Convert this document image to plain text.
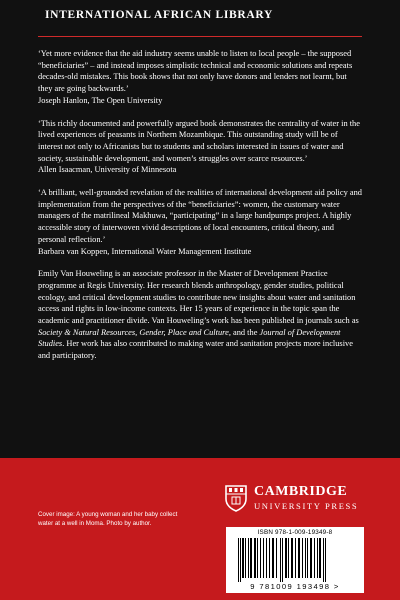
INTERNATIONAL AFRICAN LIBRARY

‘Yet more evidence that the aid industry seems unable to listen to local people – the supposed “beneficiaries” – and instead imposes simplistic technical and economic solutions and repeats decades-old mistakes. This book shows that not only have donors and lenders not learnt, but they are going backwards.’

Joseph Hanlon, The Open University

‘This richly documented and powerfully argued book demonstrates the centrality of water in the lived experiences of peasants in Northern Mozambique. This outstanding study will be of interest not only to Africanists but to students and scholars interested in issues of water and society, sustainable development, and women’s struggles over scarce resources.’

Allen Isaacman, University of Minnesota

‘A brilliant, well-grounded revelation of the realities of international development aid policy and implementation from the perspectives of the “beneficiaries”: women, the customary water managers of the matrilineal Makhuwa, “participating” in a large handpumps project. A highly accessible story of interwoven vivid descriptions of local encounters, critical theory, and personal reflection.’

Barbara van Koppen, International Water Management Institute

Emily Van Houweling is an associate professor in the Master of Development Practice programme at Regis University. Her research blends anthropology, gender studies, political ecology, and critical development studies to contribute new insights about water and sanitation access and rights in low-income contexts. Her 15 years of experience in the topic span the academic and practitioner divide. Van Houweling’s work has been published in journals such as Society & Natural Resources, Gender, Place and Culture, and the Journal of Development Studies. Her work has also contributed to making water and sanitation projects more inclusive and participatory.

Cover image: A young woman and her baby collect water at a well in Moma. Photo by author.
CAMBRIDGE
UNIVERSITY PRESS
ISBN 978-1-009-19349-8
9 781009 193498 >
